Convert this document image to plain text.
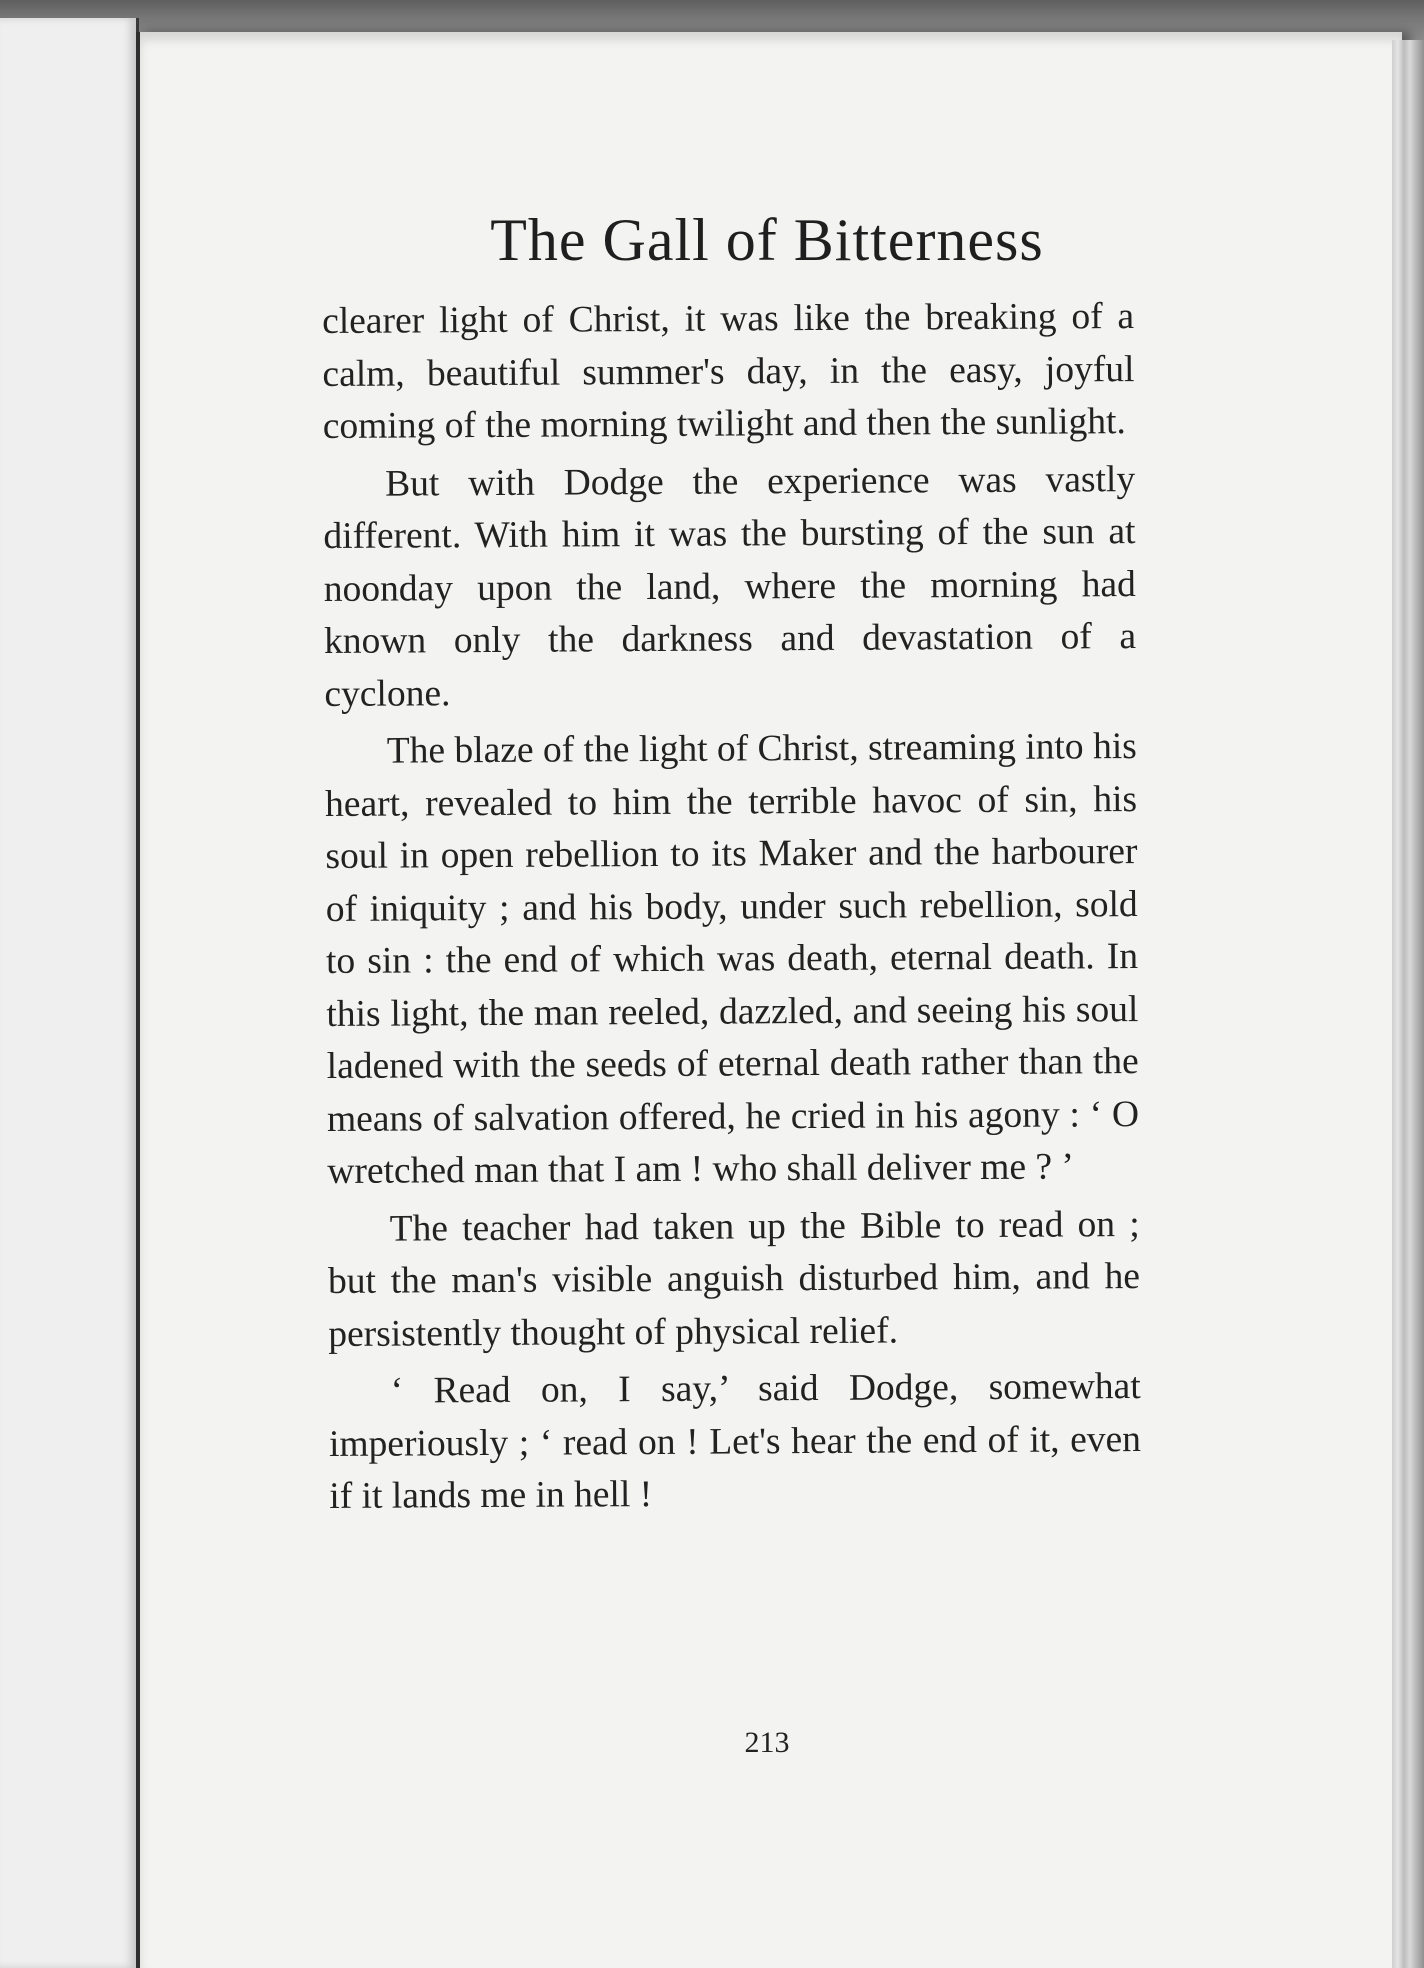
The Gall of Bitterness

clearer light of Christ, it was like the breaking of a calm, beautiful summer's day, in the easy, joyful coming of the morning twilight and then the sunlight.

But with Dodge the experience was vastly different. With him it was the bursting of the sun at noonday upon the land, where the morning had known only the darkness and devastation of a cyclone.

The blaze of the light of Christ, streaming into his heart, revealed to him the terrible havoc of sin, his soul in open rebellion to its Maker and the harbourer of iniquity ; and his body, under such rebellion, sold to sin : the end of which was death, eternal death. In this light, the man reeled, dazzled, and seeing his soul ladened with the seeds of eternal death rather than the means of salvation offered, he cried in his agony : ‘ O wretched man that I am ! who shall deliver me ? ’

The teacher had taken up the Bible to read on ; but the man's visible anguish disturbed him, and he persistently thought of physical relief.

‘ Read on, I say,’ said Dodge, somewhat imperiously ; ‘ read on ! Let's hear the end of it, even if it lands me in hell !

213
